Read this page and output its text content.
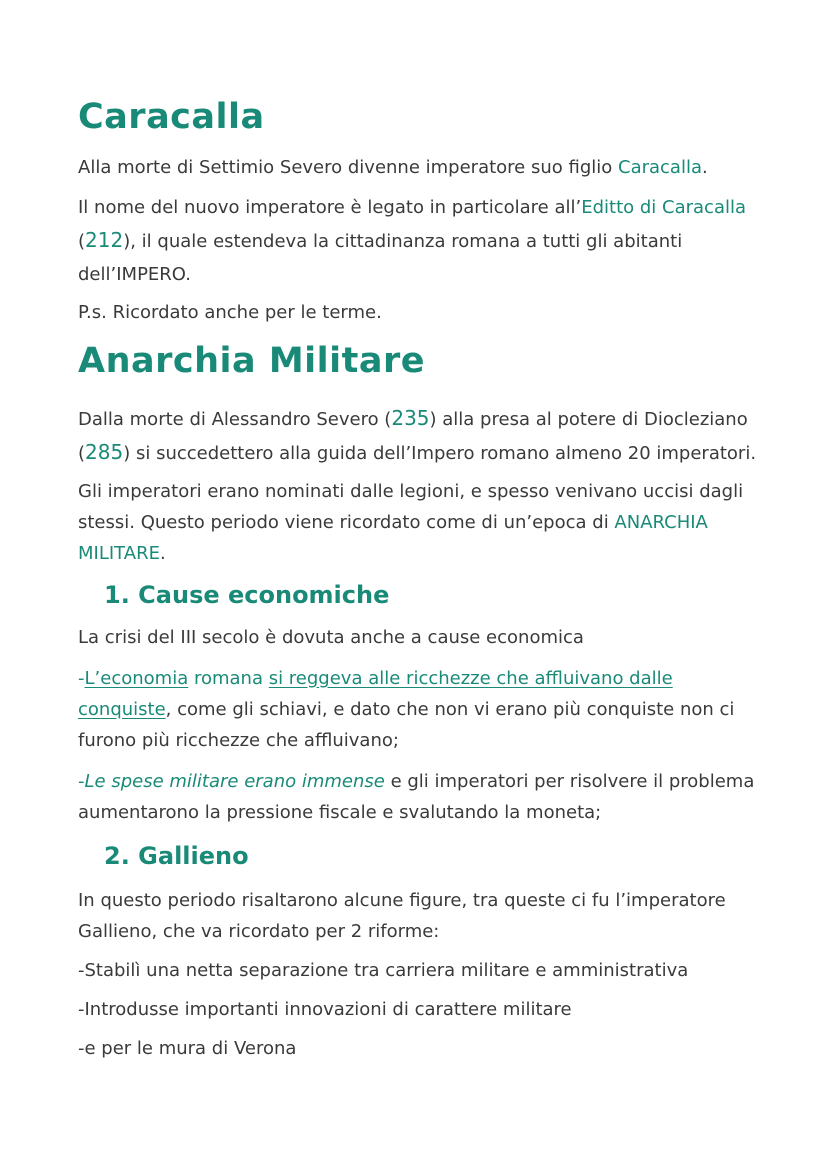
Caracalla

Alla morte di Settimio Severo divenne imperatore suo figlio Caracalla.

Il nome del nuovo imperatore è legato in particolare all’Editto di Caracalla (212), il quale estendeva la cittadinanza romana a tutti gli abitanti dell’IMPERO.

P.s. Ricordato anche per le terme.

Anarchia Militare

Dalla morte di Alessandro Severo (235) alla presa al potere di Diocleziano (285) si succedettero alla guida dell’Impero romano almeno 20 imperatori.

Gli imperatori erano nominati dalle legioni, e spesso venivano uccisi dagli stessi. Questo periodo viene ricordato come di un’epoca di ANARCHIA MILITARE.

1. Cause economiche

La crisi del III secolo è dovuta anche a cause economica

-L’economia romana si reggeva alle ricchezze che affluivano dalle conquiste, come gli schiavi, e dato che non vi erano più conquiste non ci furono più ricchezze che affluivano;

-Le spese militare erano immense e gli imperatori per risolvere il problema aumentarono la pressione fiscale e svalutando la moneta;

2. Gallieno

In questo periodo risaltarono alcune figure, tra queste ci fu l’imperatore Gallieno, che va ricordato per 2 riforme:

-Stabilì una netta separazione tra carriera militare e amministrativa

-Introdusse importanti innovazioni di carattere militare

-e per le mura di Verona
